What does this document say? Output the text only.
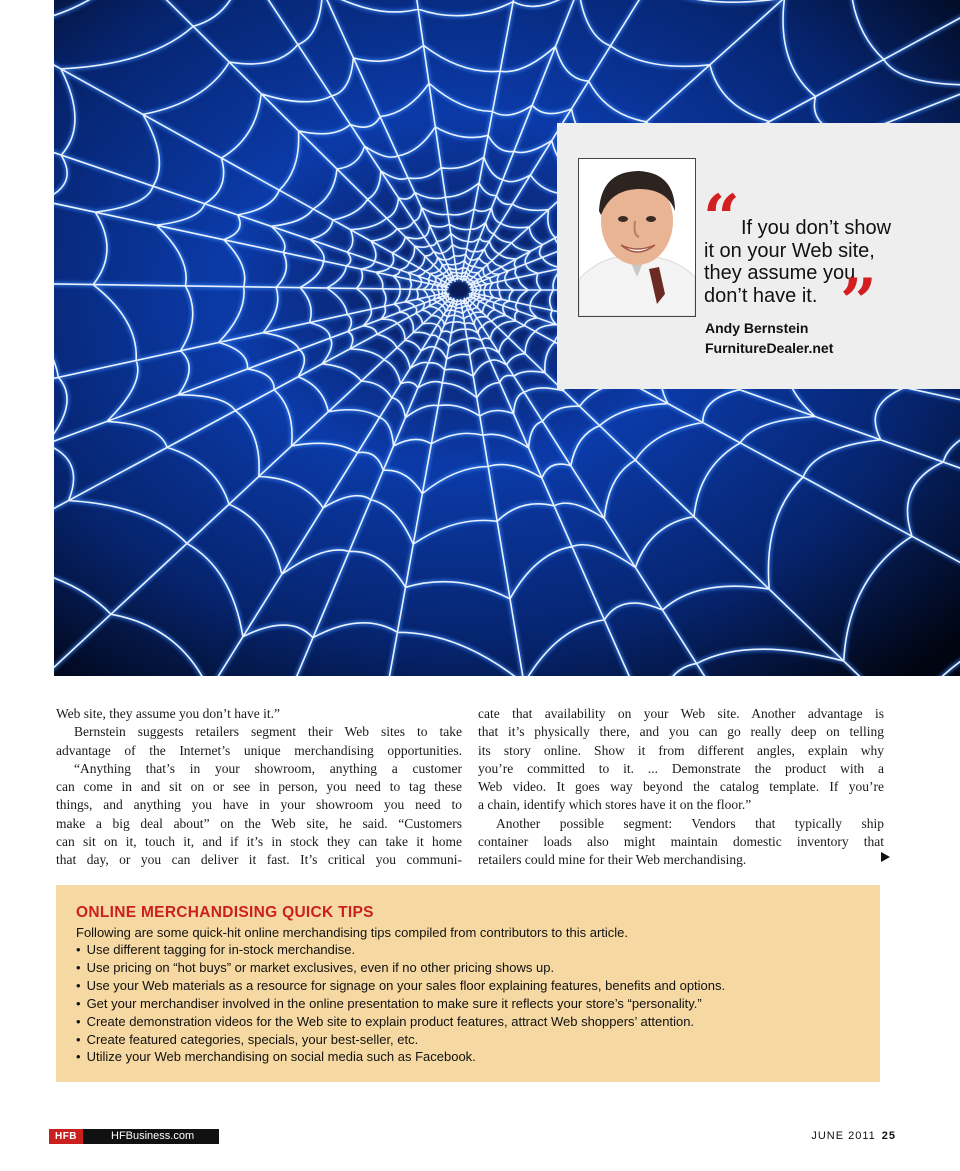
“ If you don’t show
it on your Web site,
they assume you
don’t have it. ”
Andy Bernstein
FurnitureDealer.net

Web site, they assume you don’t have it.”

Bernstein suggests retailers segment their Web sites to take
advantage of the Internet’s unique merchandising opportunities.

“Anything that’s in your showroom, anything a customer
can come in and sit on or see in person, you need to tag these
things, and anything you have in your showroom you need to
make a big deal about” on the Web site, he said. “Customers
can sit on it, touch it, and if it’s in stock they can take it home
that day, or you can deliver it fast. It’s critical you communi-

cate that availability on your Web site. Another advantage is
that it’s physically there, and you can go really deep on telling
its story online. Show it from different angles, explain why
you’re committed to it. ... Demonstrate the product with a
Web video. It goes way beyond the catalog template. If you’re
a chain, identify which stores have it on the floor.”

Another possible segment: Vendors that typically ship
container loads also might maintain domestic inventory that
retailers could mine for their Web merchandising.

ONLINE MERCHANDISING QUICK TIPS
Following are some quick-hit online merchandising tips compiled from contributors to this article.
• Use different tagging for in-stock merchandise.
• Use pricing on “hot buys” or market exclusives, even if no other pricing shows up.
• Use your Web materials as a resource for signage on your sales floor explaining features, benefits and options.
• Get your merchandiser involved in the online presentation to make sure it reflects your store’s “personality.”
• Create demonstration videos for the Web site to explain product features, attract Web shoppers’ attention.
• Create featured categories, specials, your best-seller, etc.
• Utilize your Web merchandising on social media such as Facebook.
HFB	HFBusiness.com	JUNE 2011 25
